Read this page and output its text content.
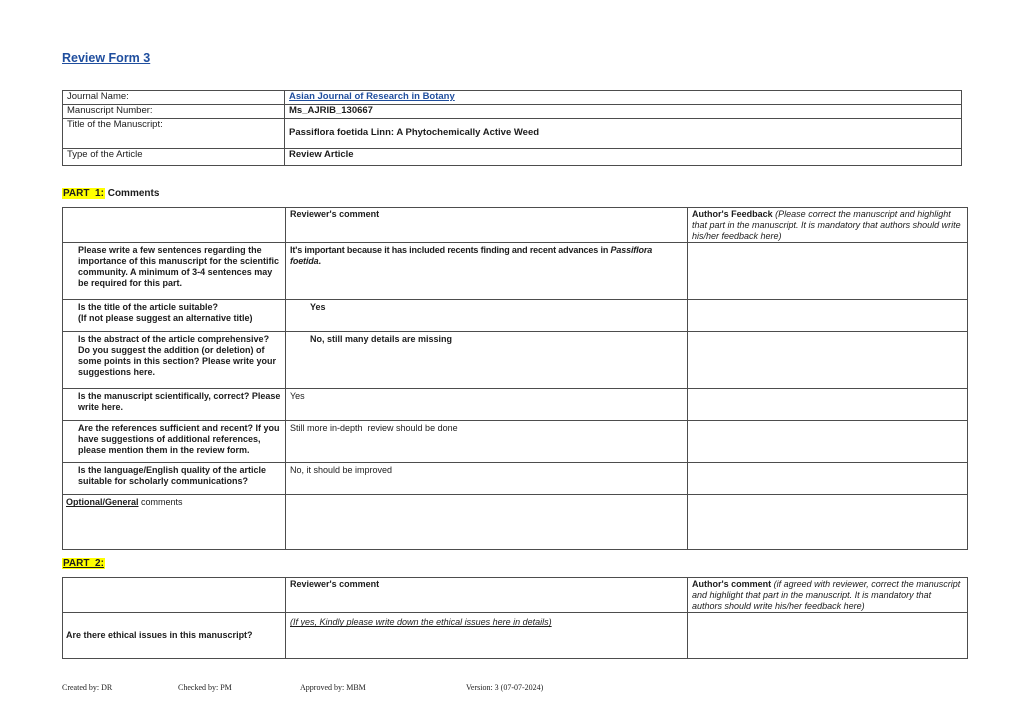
Review Form 3
Journal Name:	Asian Journal of Research in Botany
Manuscript Number:	Ms_AJRIB_130667
Title of the Manuscript:	Passiflora foetida Linn: A Phytochemically Active Weed
Type of the Article	Review Article
PART  1: Comments
	Reviewer's comment	Author's Feedback (Please correct the manuscript and highlight that part in the manuscript. It is mandatory that authors should write his/her feedback here)
Please write a few sentences regarding the importance of this manuscript for the scientific community. A minimum of 3-4 sentences may be required for this part.	It's important because it has included recents finding and recent advances in Passiflora foetida.	

Is the title of the article suitable?
(If not please suggest an alternative title)	Yes	
Is the abstract of the article comprehensive? Do you suggest the addition (or deletion) of some points in this section? Please write your suggestions here.	No, still many details are missing	
Is the manuscript scientifically, correct? Please write here.	Yes	
Are the references sufficient and recent? If you have suggestions of additional references, please mention them in the review form.	Still more in-depth  review should be done	
Is the language/English quality of the article suitable for scholarly communications?	No, it should be improved	
Optional/General comments		
PART  2:
	Reviewer's comment	Author's comment (if agreed with reviewer, correct the manuscript and highlight that part in the manuscript. It is mandatory that authors should write his/her feedback here)
Are there ethical issues in this manuscript?	(If yes, Kindly please write down the ethical issues here in details)	
Created by: DR	Checked by: PM	Approved by: MBM	Version: 3 (07-07-2024)
